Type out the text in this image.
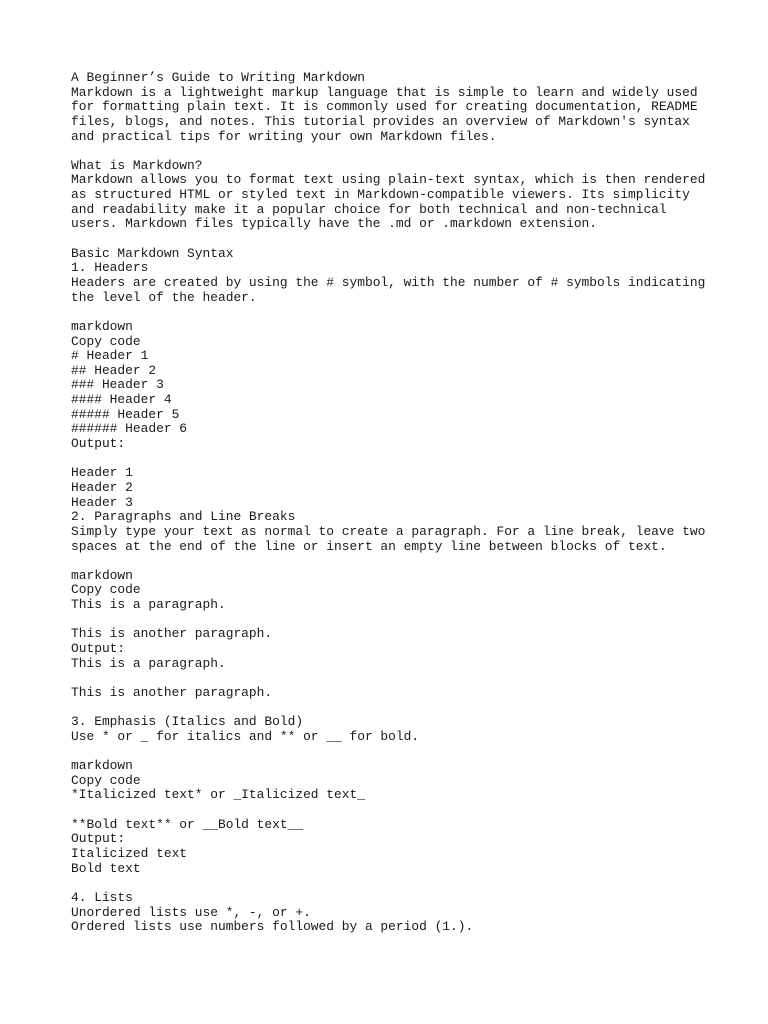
A Beginner’s Guide to Writing Markdown
Markdown is a lightweight markup language that is simple to learn and widely used
for formatting plain text. It is commonly used for creating documentation, README
files, blogs, and notes. This tutorial provides an overview of Markdown's syntax
and practical tips for writing your own Markdown files.
What is Markdown?
Markdown allows you to format text using plain-text syntax, which is then rendered
as structured HTML or styled text in Markdown-compatible viewers. Its simplicity
and readability make it a popular choice for both technical and non-technical
users. Markdown files typically have the .md or .markdown extension.
Basic Markdown Syntax
1. Headers
Headers are created by using the # symbol, with the number of # symbols indicating
the level of the header.
markdown
Copy code
# Header 1
## Header 2
### Header 3
#### Header 4
##### Header 5
###### Header 6
Output:
Header 1
Header 2
Header 3
2. Paragraphs and Line Breaks
Simply type your text as normal to create a paragraph. For a line break, leave two
spaces at the end of the line or insert an empty line between blocks of text.
markdown
Copy code
This is a paragraph.
This is another paragraph.
Output:
This is a paragraph.
This is another paragraph.
3. Emphasis (Italics and Bold)
Use * or _ for italics and ** or __ for bold.
markdown
Copy code
*Italicized text* or _Italicized text_
**Bold text** or __Bold text__
Output:
Italicized text
Bold text
4. Lists
Unordered lists use *, -, or +.
Ordered lists use numbers followed by a period (1.).
